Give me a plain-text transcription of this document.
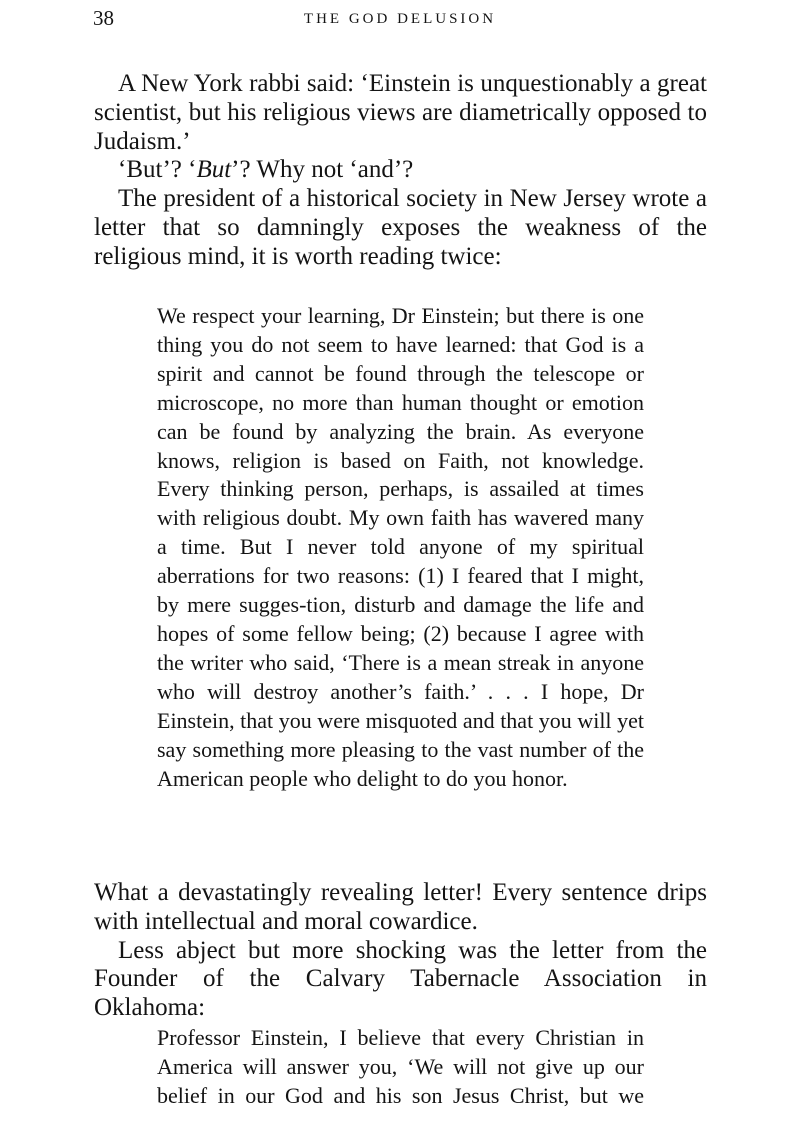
38	THE GOD DELUSION

A New York rabbi said: ‘Einstein is unquestionably a great scientist, but his religious views are diametrically opposed to Judaism.’

‘But’? ‘But’? Why not ‘and’?

The president of a historical society in New Jersey wrote a letter that so damningly exposes the weakness of the religious mind, it is worth reading twice:

We respect your learning, Dr Einstein; but there is one thing you do not seem to have learned: that God is a spirit and cannot be found through the telescope or microscope, no more than human thought or emotion can be found by analyzing the brain. As everyone knows, religion is based on Faith, not knowledge. Every thinking person, perhaps, is assailed at times with religious doubt. My own faith has wavered many a time. But I never told anyone of my spiritual aberrations for two reasons: (1) I feared that I might, by mere sugges-tion, disturb and damage the life and hopes of some fellow being; (2) because I agree with the writer who said, ‘There is a mean streak in anyone who will destroy another’s faith.’ . . . I hope, Dr Einstein, that you were misquoted and that you will yet say something more pleasing to the vast number of the American people who delight to do you honor.

What a devastatingly revealing letter! Every sentence drips with intellectual and moral cowardice.

Less abject but more shocking was the letter from the Founder of the Calvary Tabernacle Association in Oklahoma:

Professor Einstein, I believe that every Christian in
America will answer you, ‘We will not give up our
belief in our God and his son Jesus Christ, but we
